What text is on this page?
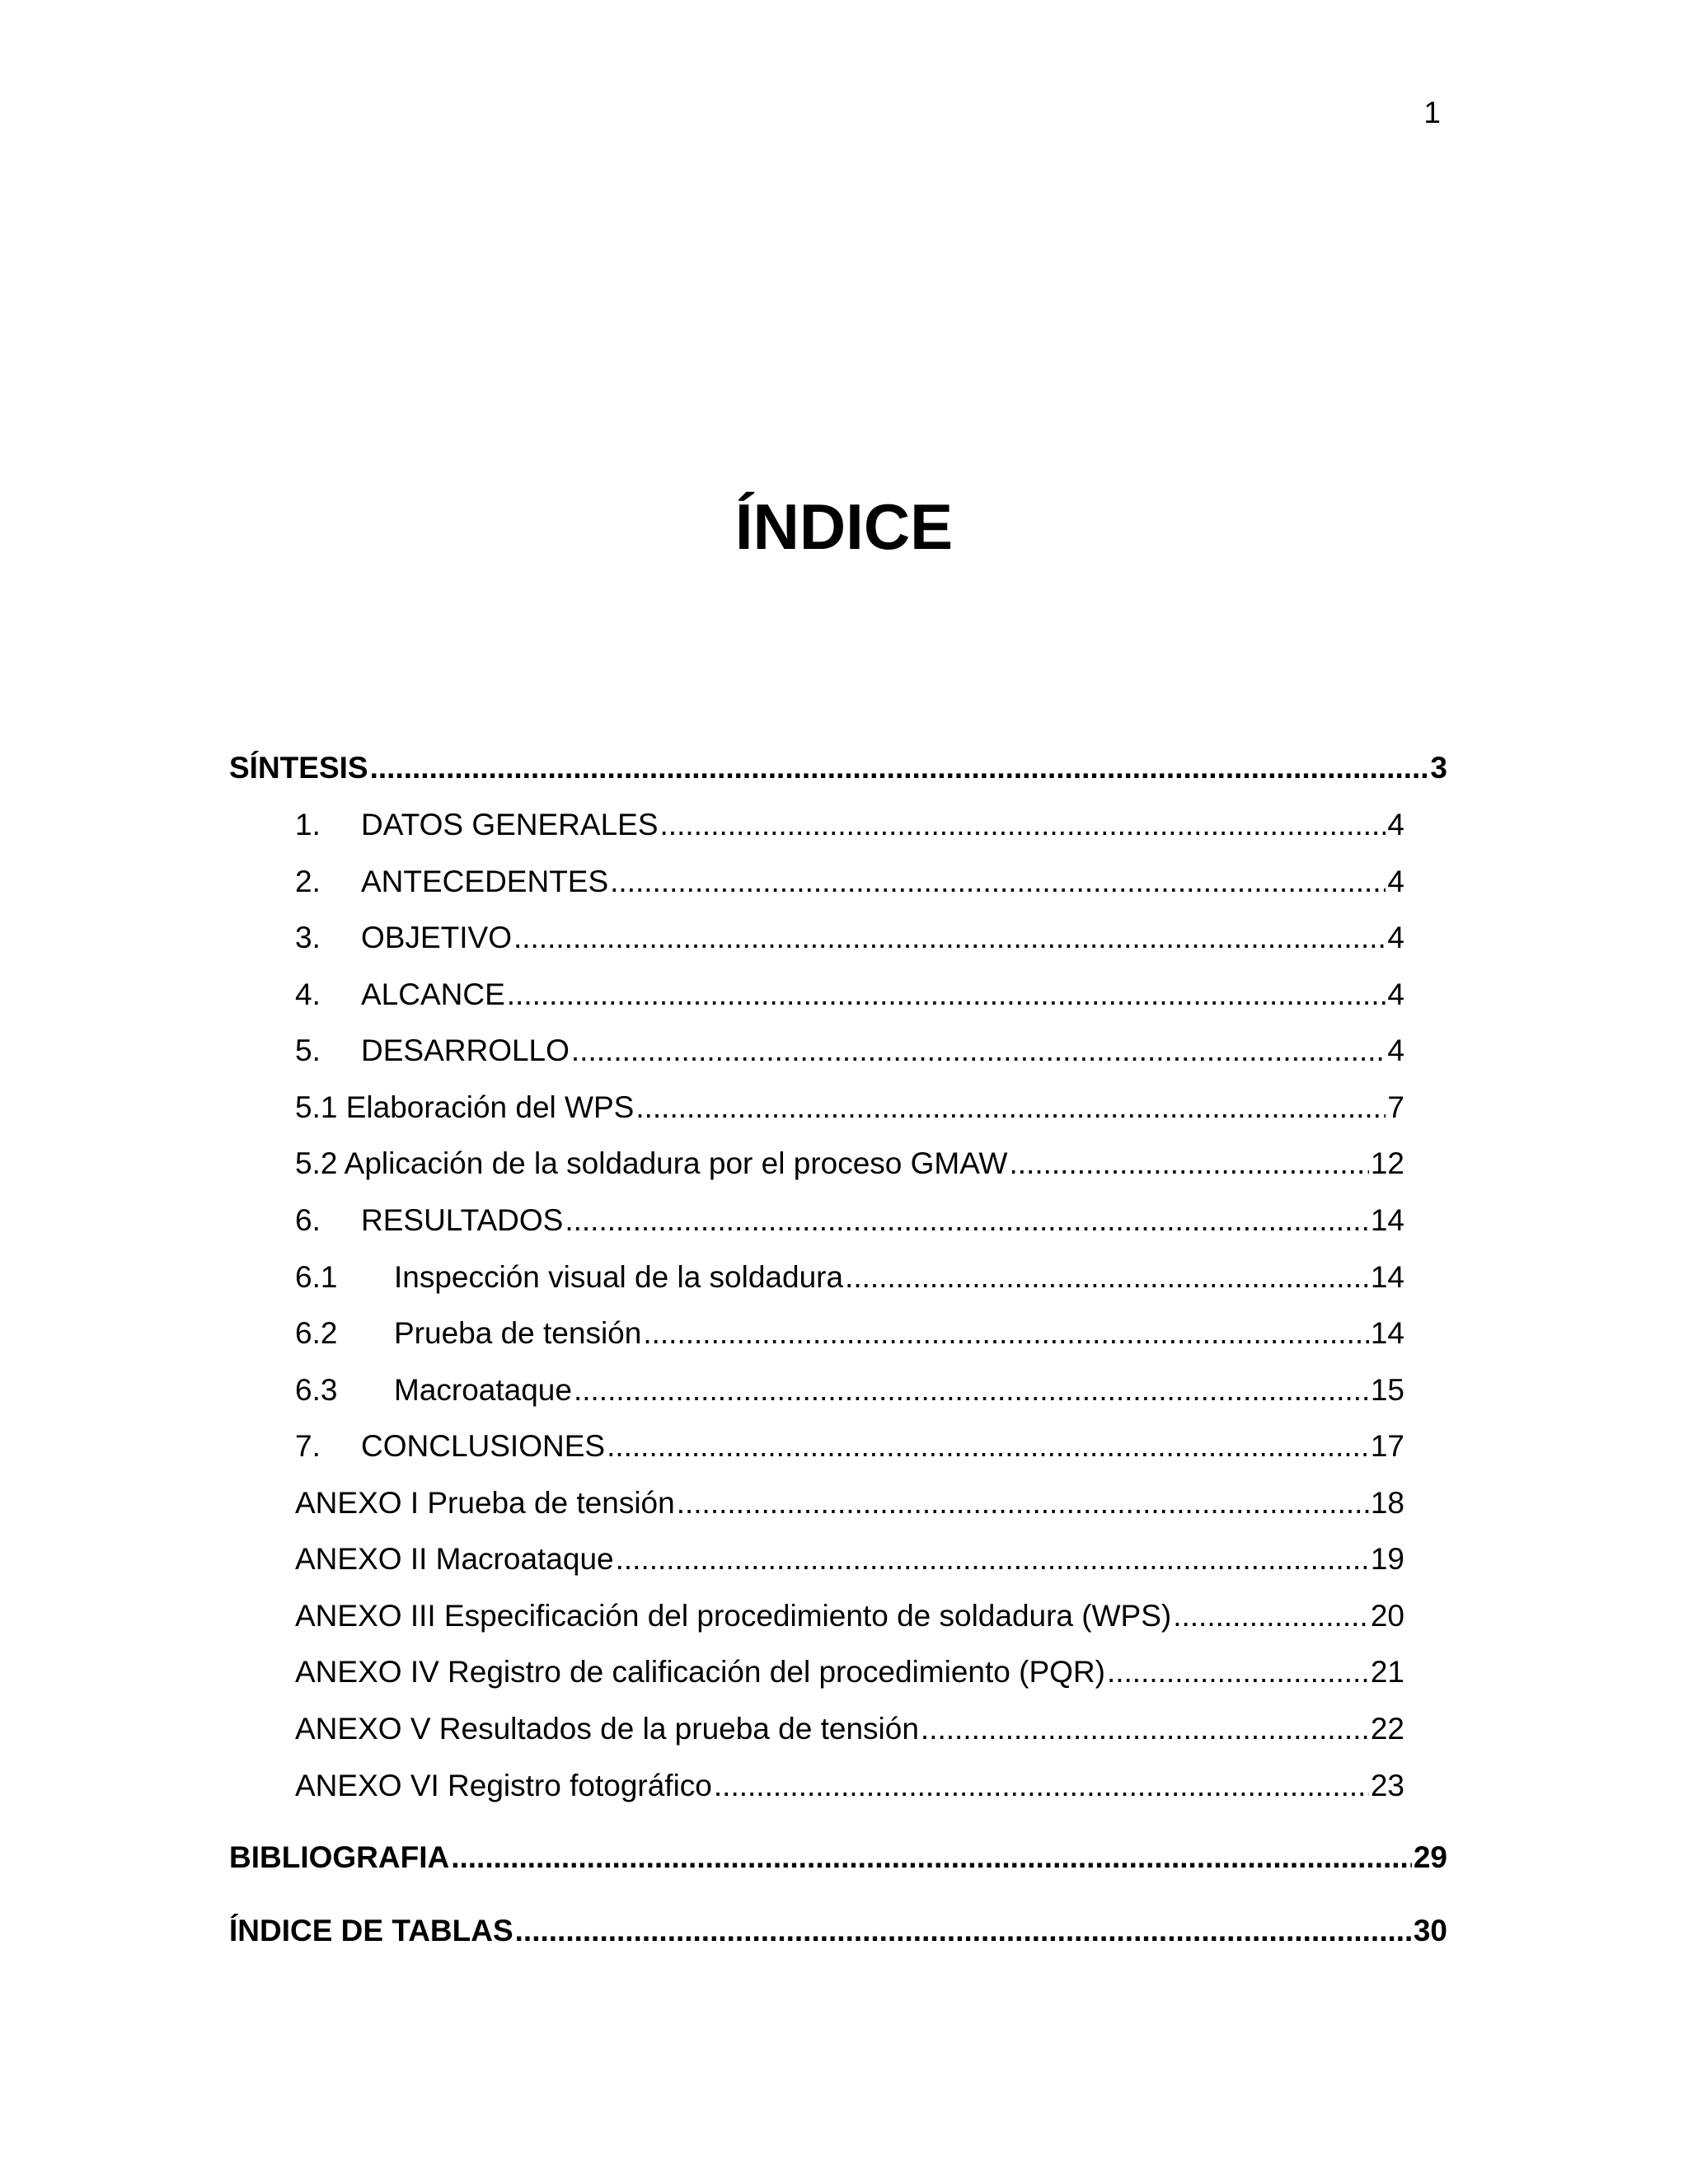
1
ÍNDICE
SÍNTESIS .....	3
1.	DATOS GENERALES .....	4
2.	ANTECEDENTES .....	4
3.	OBJETIVO .....	4
4.	ALCANCE .....	4
5.	DESARROLLO .....	4
5.1 Elaboración del WPS .....	7
5.2 Aplicación de la soldadura por el proceso GMAW .....	12
6.	RESULTADOS .....	14
6.1	Inspección visual de la soldadura .....	14
6.2	Prueba de tensión .....	14
6.3	Macroataque .....	15
7.	CONCLUSIONES .....	17
ANEXO I Prueba de tensión .....	18
ANEXO II Macroataque .....	19
ANEXO III Especificación del procedimiento de soldadura (WPS) .....	20
ANEXO IV Registro de calificación del procedimiento (PQR) .....	21
ANEXO V Resultados de la prueba de tensión .....	22
ANEXO VI Registro fotográfico .....	23
BIBLIOGRAFIA .....	29
ÍNDICE DE TABLAS .....	30
